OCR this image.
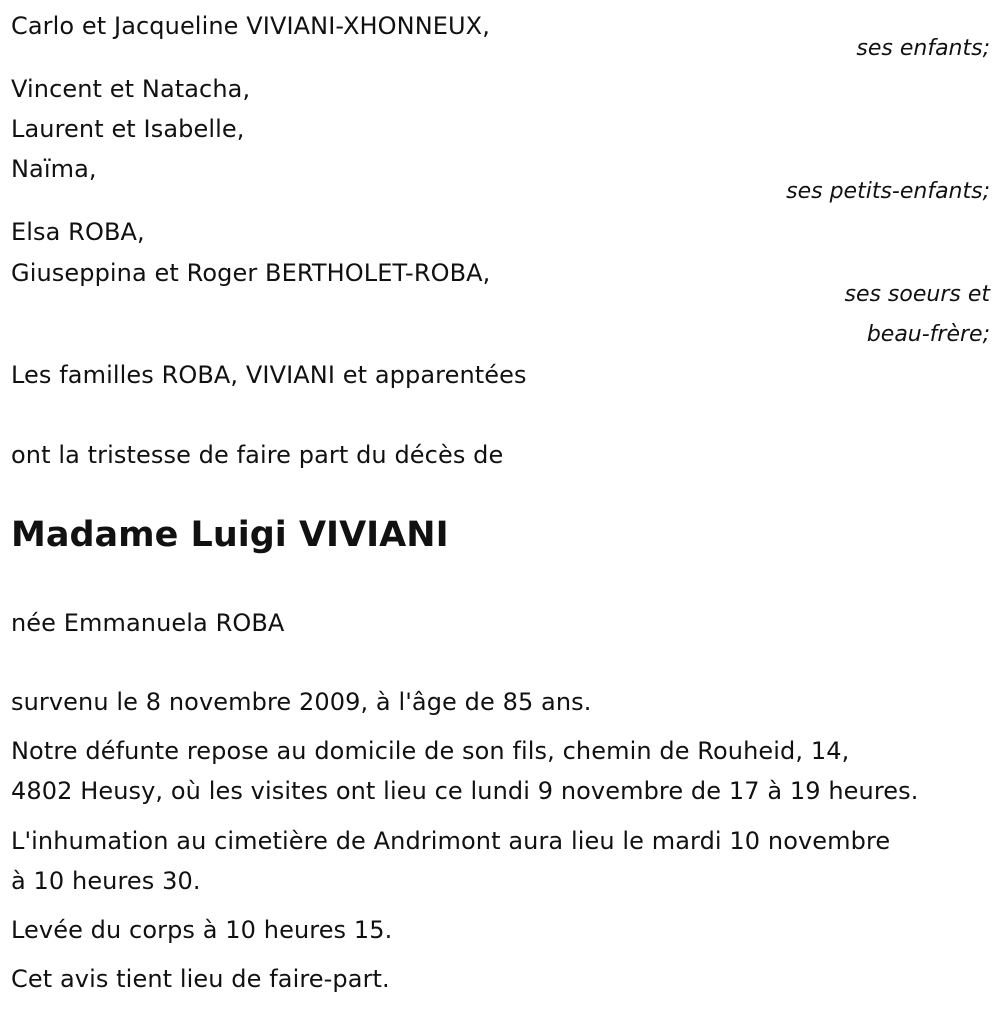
Carlo et Jacqueline VIVIANI-XHONNEUX,
ses enfants;
Vincent et Natacha,
Laurent et Isabelle,
Naïma,
ses petits-enfants;
Elsa ROBA,
Giuseppina et Roger BERTHOLET-ROBA,
ses soeurs et
beau-frère;
Les familles ROBA, VIVIANI et apparentées
ont la tristesse de faire part du décès de
Madame Luigi VIVIANI
née Emmanuela ROBA
survenu le 8 novembre 2009, à l'âge de 85 ans.
Notre défunte repose au domicile de son fils, chemin de Rouheid, 14,
4802 Heusy, où les visites ont lieu ce lundi 9 novembre de 17 à 19 heures.
L'inhumation au cimetière de Andrimont aura lieu le mardi 10 novembre
à 10 heures 30.
Levée du corps à 10 heures 15.
Cet avis tient lieu de faire-part.
